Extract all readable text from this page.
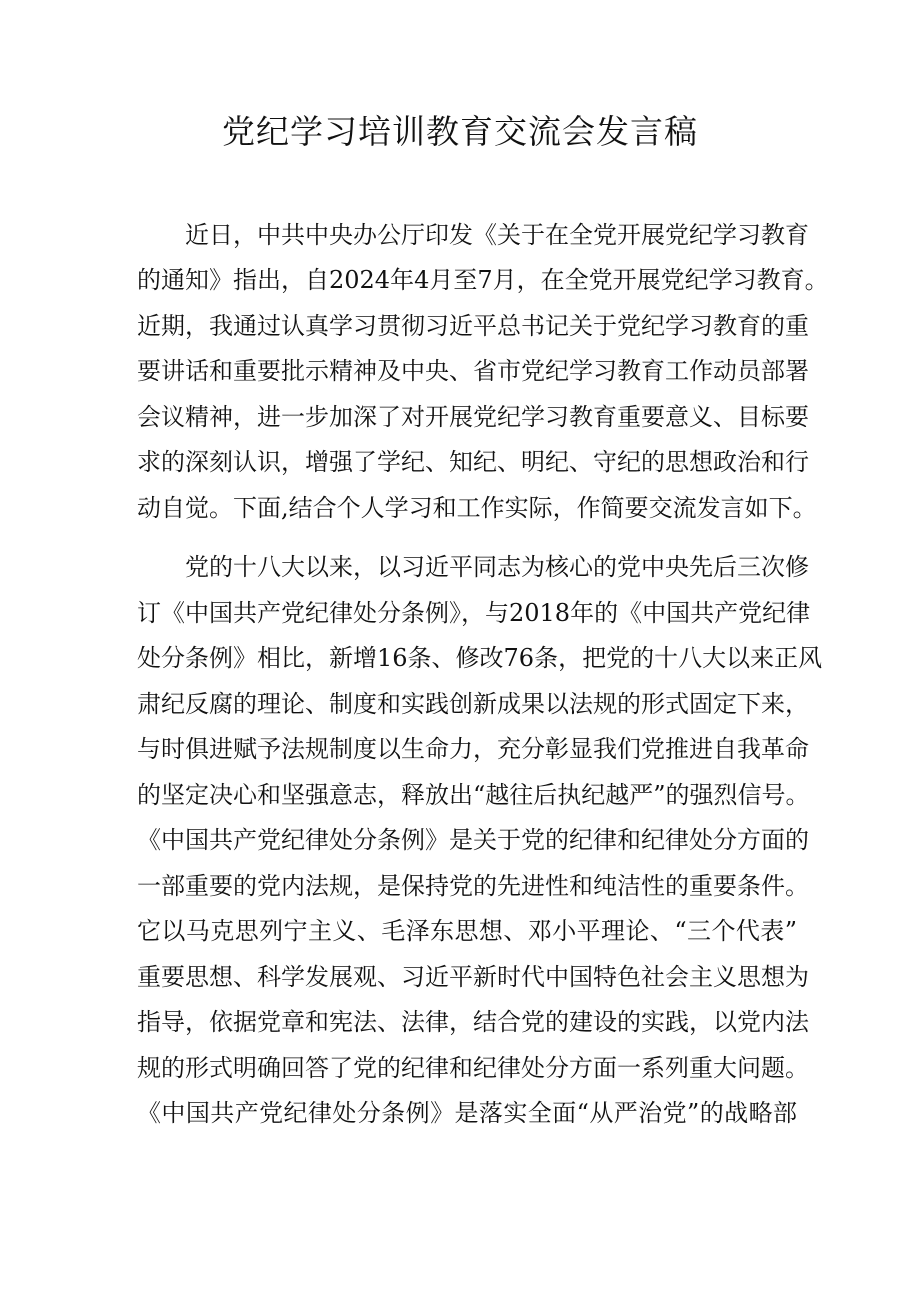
党纪学习培训教育交流会发言稿

近日，中共中央办公厅印发《关于在全党开展党纪学习教育

的通知》指出，自2024年4月至7月，在全党开展党纪学习教育。

近期，我通过认真学习贯彻习近平总书记关于党纪学习教育的重

要讲话和重要批示精神及中央、省市党纪学习教育工作动员部署

会议精神，进一步加深了对开展党纪学习教育重要意义、目标要

求的深刻认识，增强了学纪、知纪、明纪、守纪的思想政治和行

动自觉。下面,结合个人学习和工作实际，作简要交流发言如下。

党的十八大以来，以习近平同志为核心的党中央先后三次修

订《中国共产党纪律处分条例》，与2018年的《中国共产党纪律

处分条例》相比，新增16条、修改76条，把党的十八大以来正风

肃纪反腐的理论、制度和实践创新成果以法规的形式固定下来，

与时俱进赋予法规制度以生命力，充分彰显我们党推进自我革命

的坚定决心和坚强意志，释放出“越往后执纪越严”的强烈信号。

《中国共产党纪律处分条例》是关于党的纪律和纪律处分方面的

一部重要的党内法规，是保持党的先进性和纯洁性的重要条件。

它以马克思列宁主义、毛泽东思想、邓小平理论、“三个代表”

重要思想、科学发展观、习近平新时代中国特色社会主义思想为

指导，依据党章和宪法、法律，结合党的建设的实践，以党内法

规的形式明确回答了党的纪律和纪律处分方面一系列重大问题。

《中国共产党纪律处分条例》是落实全面“从严治党”的战略部
